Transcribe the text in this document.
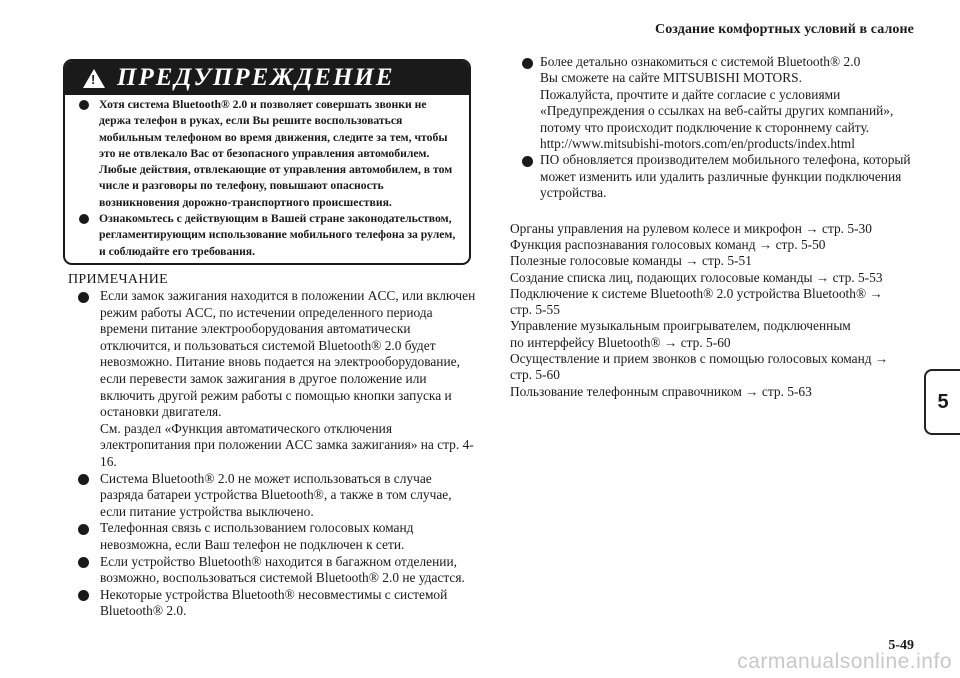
Создание комфортных условий в салоне
5
!
ПРЕДУПРЕЖДЕНИЕ
Хотя система Bluetooth® 2.0 и позволяет совершать звонки не держа телефон в руках, если Вы решите воспользоваться мобильным телефоном во время движения, следите за тем, чтобы это не отвлекало Вас от безопасного управления автомобилем. Любые действия, отвлекающие от управления автомобилем, в том числе и разговоры по телефону, повышают опасность возникновения дорожно-транспортного происшествия.
Ознакомьтесь с действующим в Вашей стране законодательством, регламентирующим использование мобильного телефона за рулем, и соблюдайте его требования.
ПРИМЕЧАНИЕ
Если замок зажигания находится в положении ACC, или включен режим работы ACC, по истечении определенного периода времени питание электрооборудования автоматически отключится, и пользоваться системой Bluetooth® 2.0 будет невозможно. Питание вновь подается на электрооборудование, если перевести замок зажигания в другое положение или включить другой режим работы с помощью кнопки запуска и остановки двигателя.
См. раздел «Функция автоматического отключения электропитания при положении ACC замка зажигания» на стр. 4-16.
Система Bluetooth® 2.0 не может использоваться в случае разряда батареи устройства Bluetooth®, а также в том случае, если питание устройства выключено.
Телефонная связь с использованием голосовых команд невозможна, если Ваш телефон не подключен к сети.
Если устройство Bluetooth® находится в багажном отделении, возможно, воспользоваться системой Bluetooth® 2.0 не удастся.
Некоторые устройства Bluetooth® несовместимы с системой Bluetooth® 2.0.
Более детально ознакомиться с системой Bluetooth® 2.0
Вы сможете на сайте MITSUBISHI MOTORS.
Пожалуйста, прочтите и дайте согласие с условиями «Предупреждения о ссылках на веб-сайты других компаний», потому что происходит подключение к стороннему сайту.
http://www.mitsubishi-motors.com/en/products/index.html
ПО обновляется производителем мобильного телефона, который может изменить или удалить различные функции подключения устройства.
Органы управления на рулевом колесе и микрофон → стр. 5-30
Функция распознавания голосовых команд → стр. 5-50
Полезные голосовые команды → стр. 5-51
Создание списка лиц, подающих голосовые команды → стр. 5-53
Подключение к системе Bluetooth® 2.0 устройства Bluetooth® →
стр. 5-55
Управление музыкальным проигрывателем, подключенным
по интерфейсу Bluetooth® → стр. 5-60
Осуществление и прием звонков с помощью голосовых команд →
стр. 5-60
Пользование телефонным справочником → стр. 5-63
5-49
carmanualsonline.info
